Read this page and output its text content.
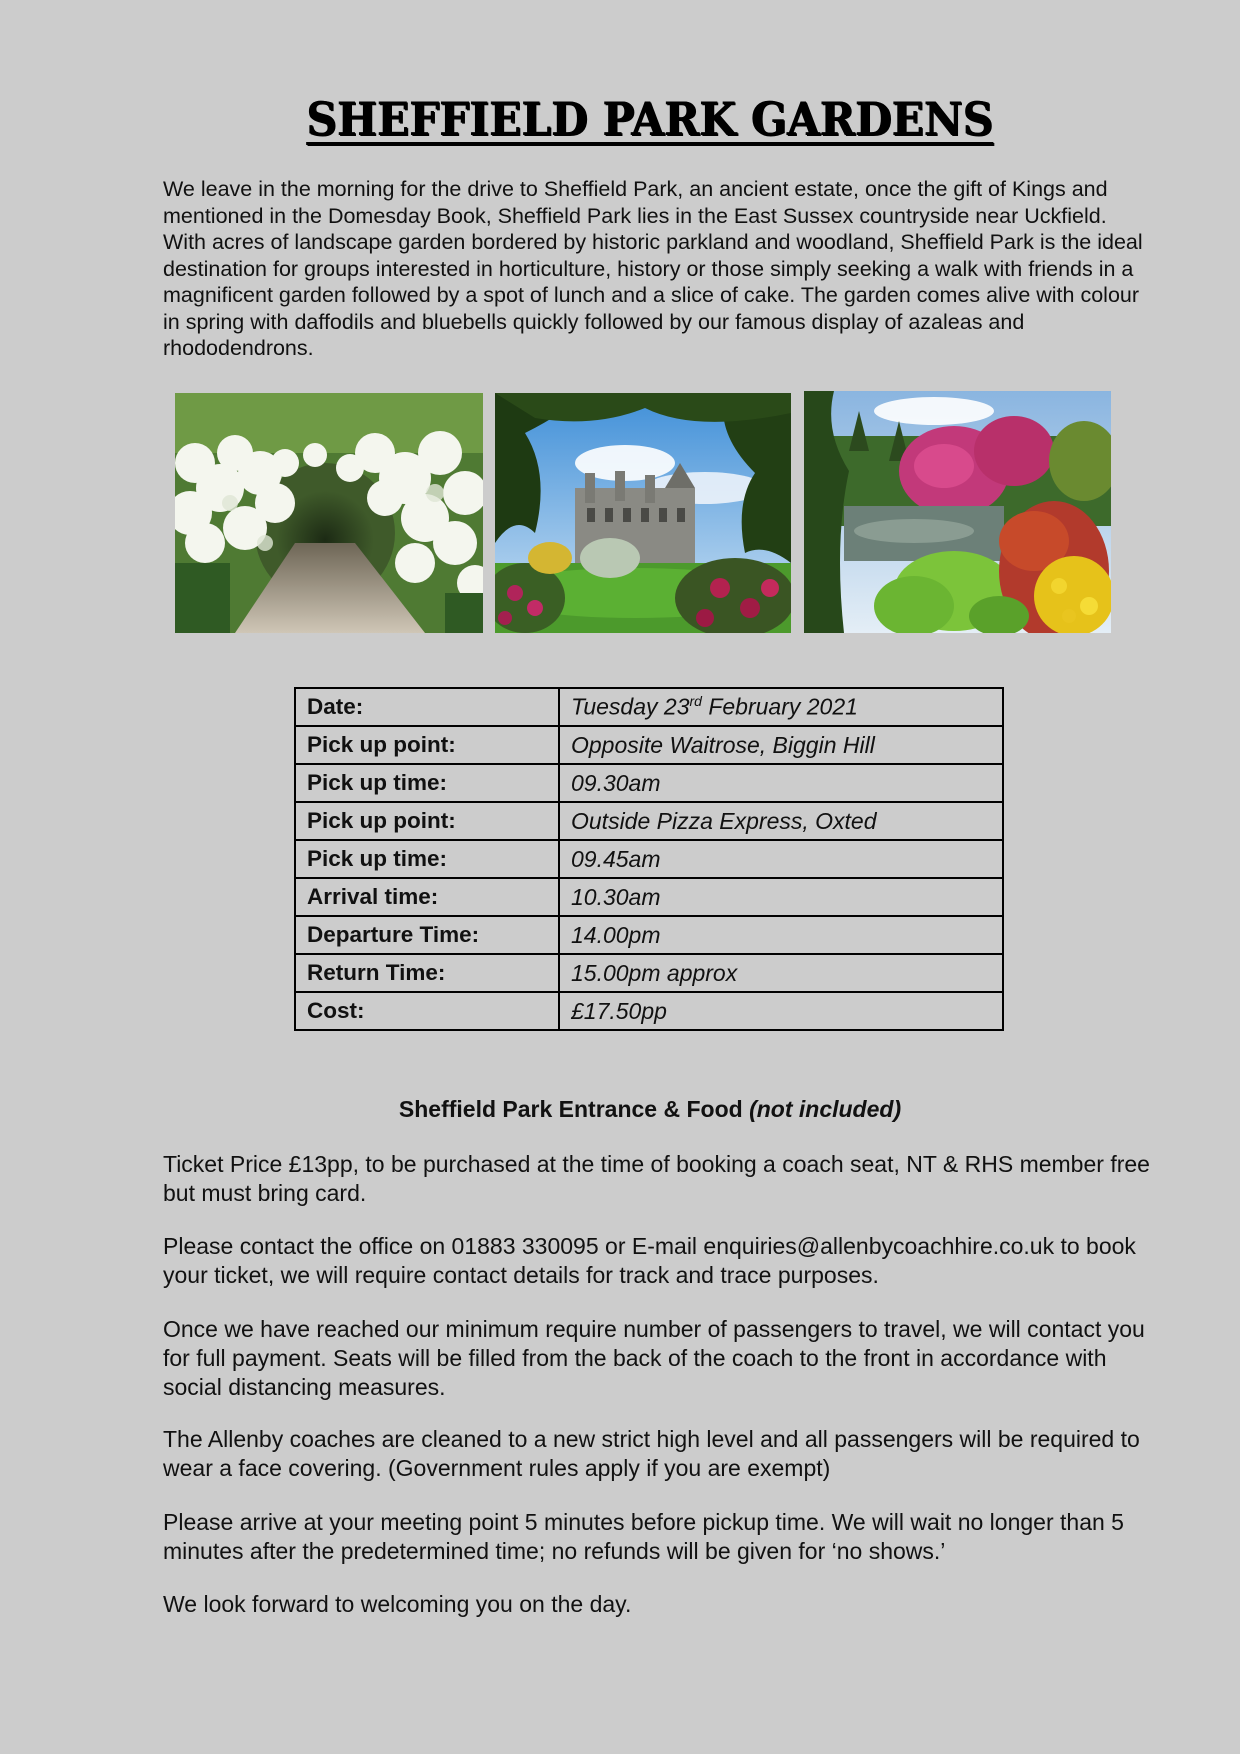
SHEFFIELD PARK GARDENS
We leave in the morning for the drive to Sheffield Park, an ancient estate, once the gift of Kings and mentioned in the Domesday Book, Sheffield Park lies in the East Sussex countryside near Uckfield. With acres of landscape garden bordered by historic parkland and woodland, Sheffield Park is the ideal destination for groups interested in horticulture, history or those simply seeking a walk with friends in a magnificent garden followed by a spot of lunch and a slice of cake. The garden comes alive with colour in spring with daffodils and bluebells quickly followed by our famous display of azaleas and rhododendrons.
Date:	Tuesday 23rd February 2021
Pick up point:	Opposite Waitrose, Biggin Hill
Pick up time:	09.30am
Pick up point:	Outside Pizza Express, Oxted
Pick up time:	09.45am
Arrival time:	10.30am
Departure Time:	14.00pm
Return Time:	15.00pm approx
Cost:	£17.50pp
Sheffield Park Entrance & Food (not included)
Ticket Price £13pp, to be purchased at the time of booking a coach seat, NT & RHS member free but must bring card.
Please contact the office on 01883 330095 or E-mail enquiries@allenbycoachhire.co.uk to book your ticket, we will require contact details for track and trace purposes.
Once we have reached our minimum require number of passengers to travel, we will contact you for full payment. Seats will be filled from the back of the coach to the front in accordance with social distancing measures.
The Allenby coaches are cleaned to a new strict high level and all passengers will be required to wear a face covering. (Government rules apply if you are exempt)
Please arrive at your meeting point 5 minutes before pickup time. We will wait no longer than 5 minutes after the predetermined time; no refunds will be given for ‘no shows.’
We look forward to welcoming you on the day.
